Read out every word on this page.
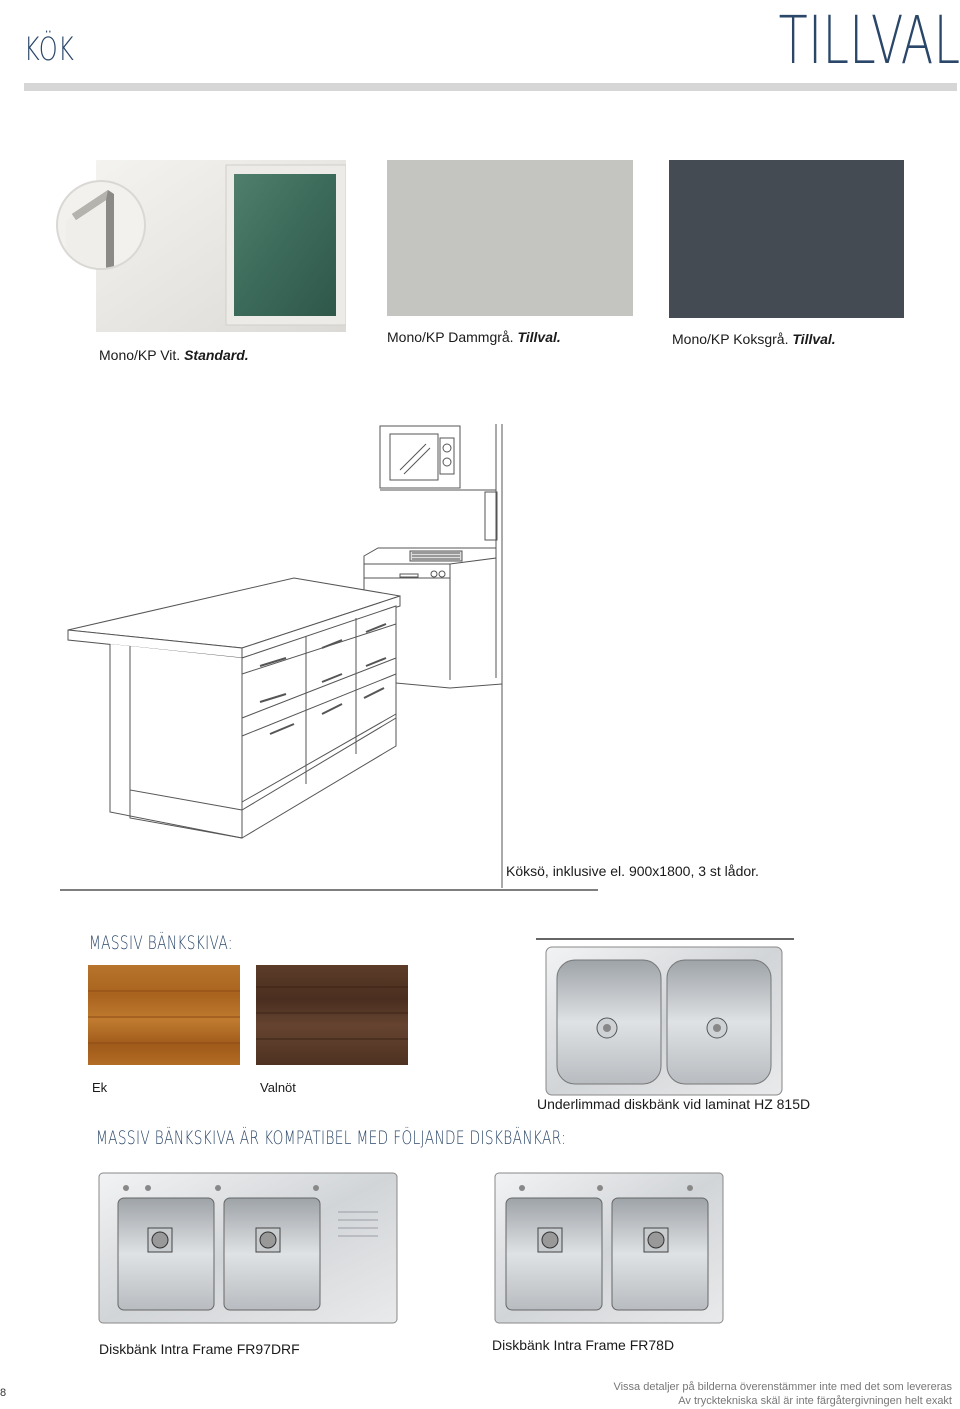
KÖK	TILLVAL
Mono/KP Vit. Standard.
Mono/KP Dammgrå. Tillval.	Mono/KP Koksgrå. Tillval.
Köksö, inklusive el. 900x1800, 3 st lådor.
MASSIV BÄNKSKIVA:
Ek	Valnöt
Underlimmad diskbänk vid laminat HZ 815D
MASSIV BÄNKSKIVA ÄR KOMPATIBEL MED FÖLJANDE DISKBÄNKAR:
Diskbänk Intra Frame FR97DRF	Diskbänk Intra Frame FR78D
8	Vissa detaljer på bilderna överenstämmer inte med det som levereras
Av trycktekniska skäl är inte färgåtergivningen helt exakt
